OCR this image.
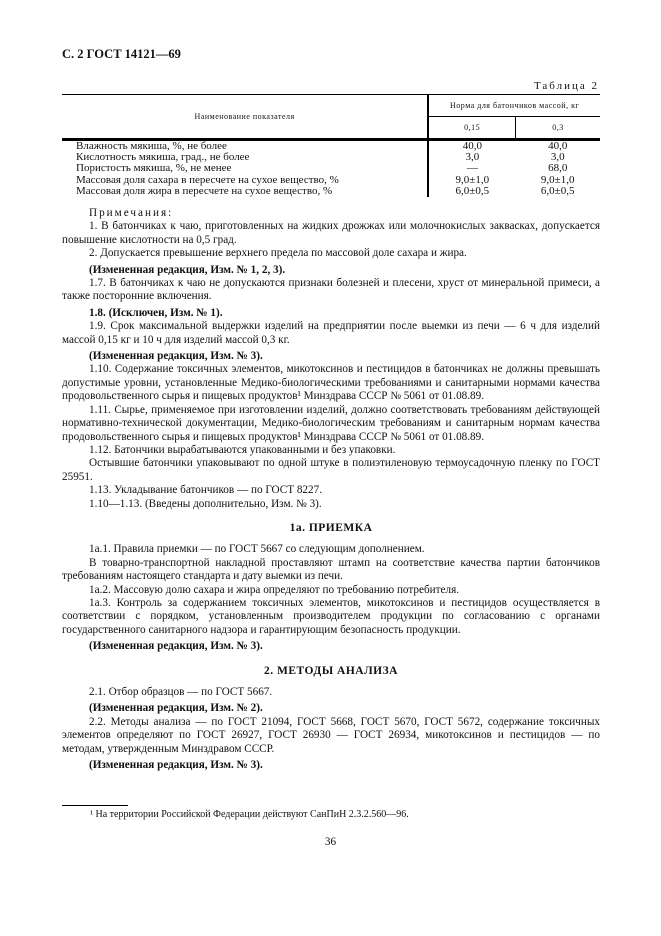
С. 2 ГОСТ 14121—69
Таблица 2
Наименование показателя	Норма для батончиков массой, кг	
	0,15	0,3
Влажность мякиша, %, не более	40,0	40,0
Кислотность мякиша, град., не более	3,0	3,0
Пористость мякиша, %, не менее	—	68,0
Массовая доля сахара в пересчете на сухое вещество, %	9,0±1,0	9,0±1,0
Массовая доля жира в пересчете на сухое вещество, %	6,0±0,5	6,0±0,5

Примечания:

1. В батончиках к чаю, приготовленных на жидких дрожжах или молочнокислых заквасках, допускается повышение кислотности на 0,5 град.

2. Допускается превышение верхнего предела по массовой доле сахара и жира.

(Измененная редакция, Изм. № 1, 2, 3).

1.7. В батончиках к чаю не допускаются признаки болезней и плесени, хруст от минеральной примеси, а также посторонние включения.

1.8. (Исключен, Изм. № 1).

1.9. Срок максимальной выдержки изделий на предприятии после выемки из печи — 6 ч для изделий массой 0,15 кг и 10 ч для изделий массой 0,3 кг.

(Измененная редакция, Изм. № 3).

1.10. Содержание токсичных элементов, микотоксинов и пестицидов в батончиках не должны превышать допустимые уровни, установленные Медико-биологическими требованиями и санитарными нормами качества продовольственного сырья и пищевых продуктов¹ Минздрава СССР № 5061 от 01.08.89.

1.11. Сырье, применяемое при изготовлении изделий, должно соответствовать требованиям действующей нормативно-технической документации, Медико-биологическим требованиям и санитарным нормам качества продовольственного сырья и пищевых продуктов¹ Минздрава СССР № 5061 от 01.08.89.

1.12. Батончики вырабатываются упакованными и без упаковки.

Остывшие батончики упаковывают по одной штуке в полиэтиленовую термоусадочную пленку по ГОСТ 25951.

1.13. Укладывание батончиков — по ГОСТ 8227.

1.10—1.13. (Введены дополнительно, Изм. № 3).

1а. ПРИЕМКА

1а.1. Правила приемки — по ГОСТ 5667 со следующим дополнением.

В товарно-транспортной накладной проставляют штамп на соответствие качества партии батончиков требованиям настоящего стандарта и дату выемки из печи.

1а.2. Массовую долю сахара и жира определяют по требованию потребителя.

1а.3. Контроль за содержанием токсичных элементов, микотоксинов и пестицидов осуществляется в соответствии с порядком, установленным производителем продукции по согласованию с органами государственного санитарного надзора и гарантирующим безопасность продукции.

(Измененная редакция, Изм. № 3).

2. МЕТОДЫ АНАЛИЗА

2.1. Отбор образцов — по ГОСТ 5667.

(Измененная редакция, Изм. № 2).

2.2. Методы анализа — по ГОСТ 21094, ГОСТ 5668, ГОСТ 5670, ГОСТ 5672, содержание токсичных элементов определяют по ГОСТ 26927, ГОСТ 26930 — ГОСТ 26934, микотоксинов и пестицидов — по методам, утвержденным Минздравом СССР.

(Измененная редакция, Изм. № 3).

¹ На территории Российской Федерации действуют СанПиН 2.3.2.560—96.
36
